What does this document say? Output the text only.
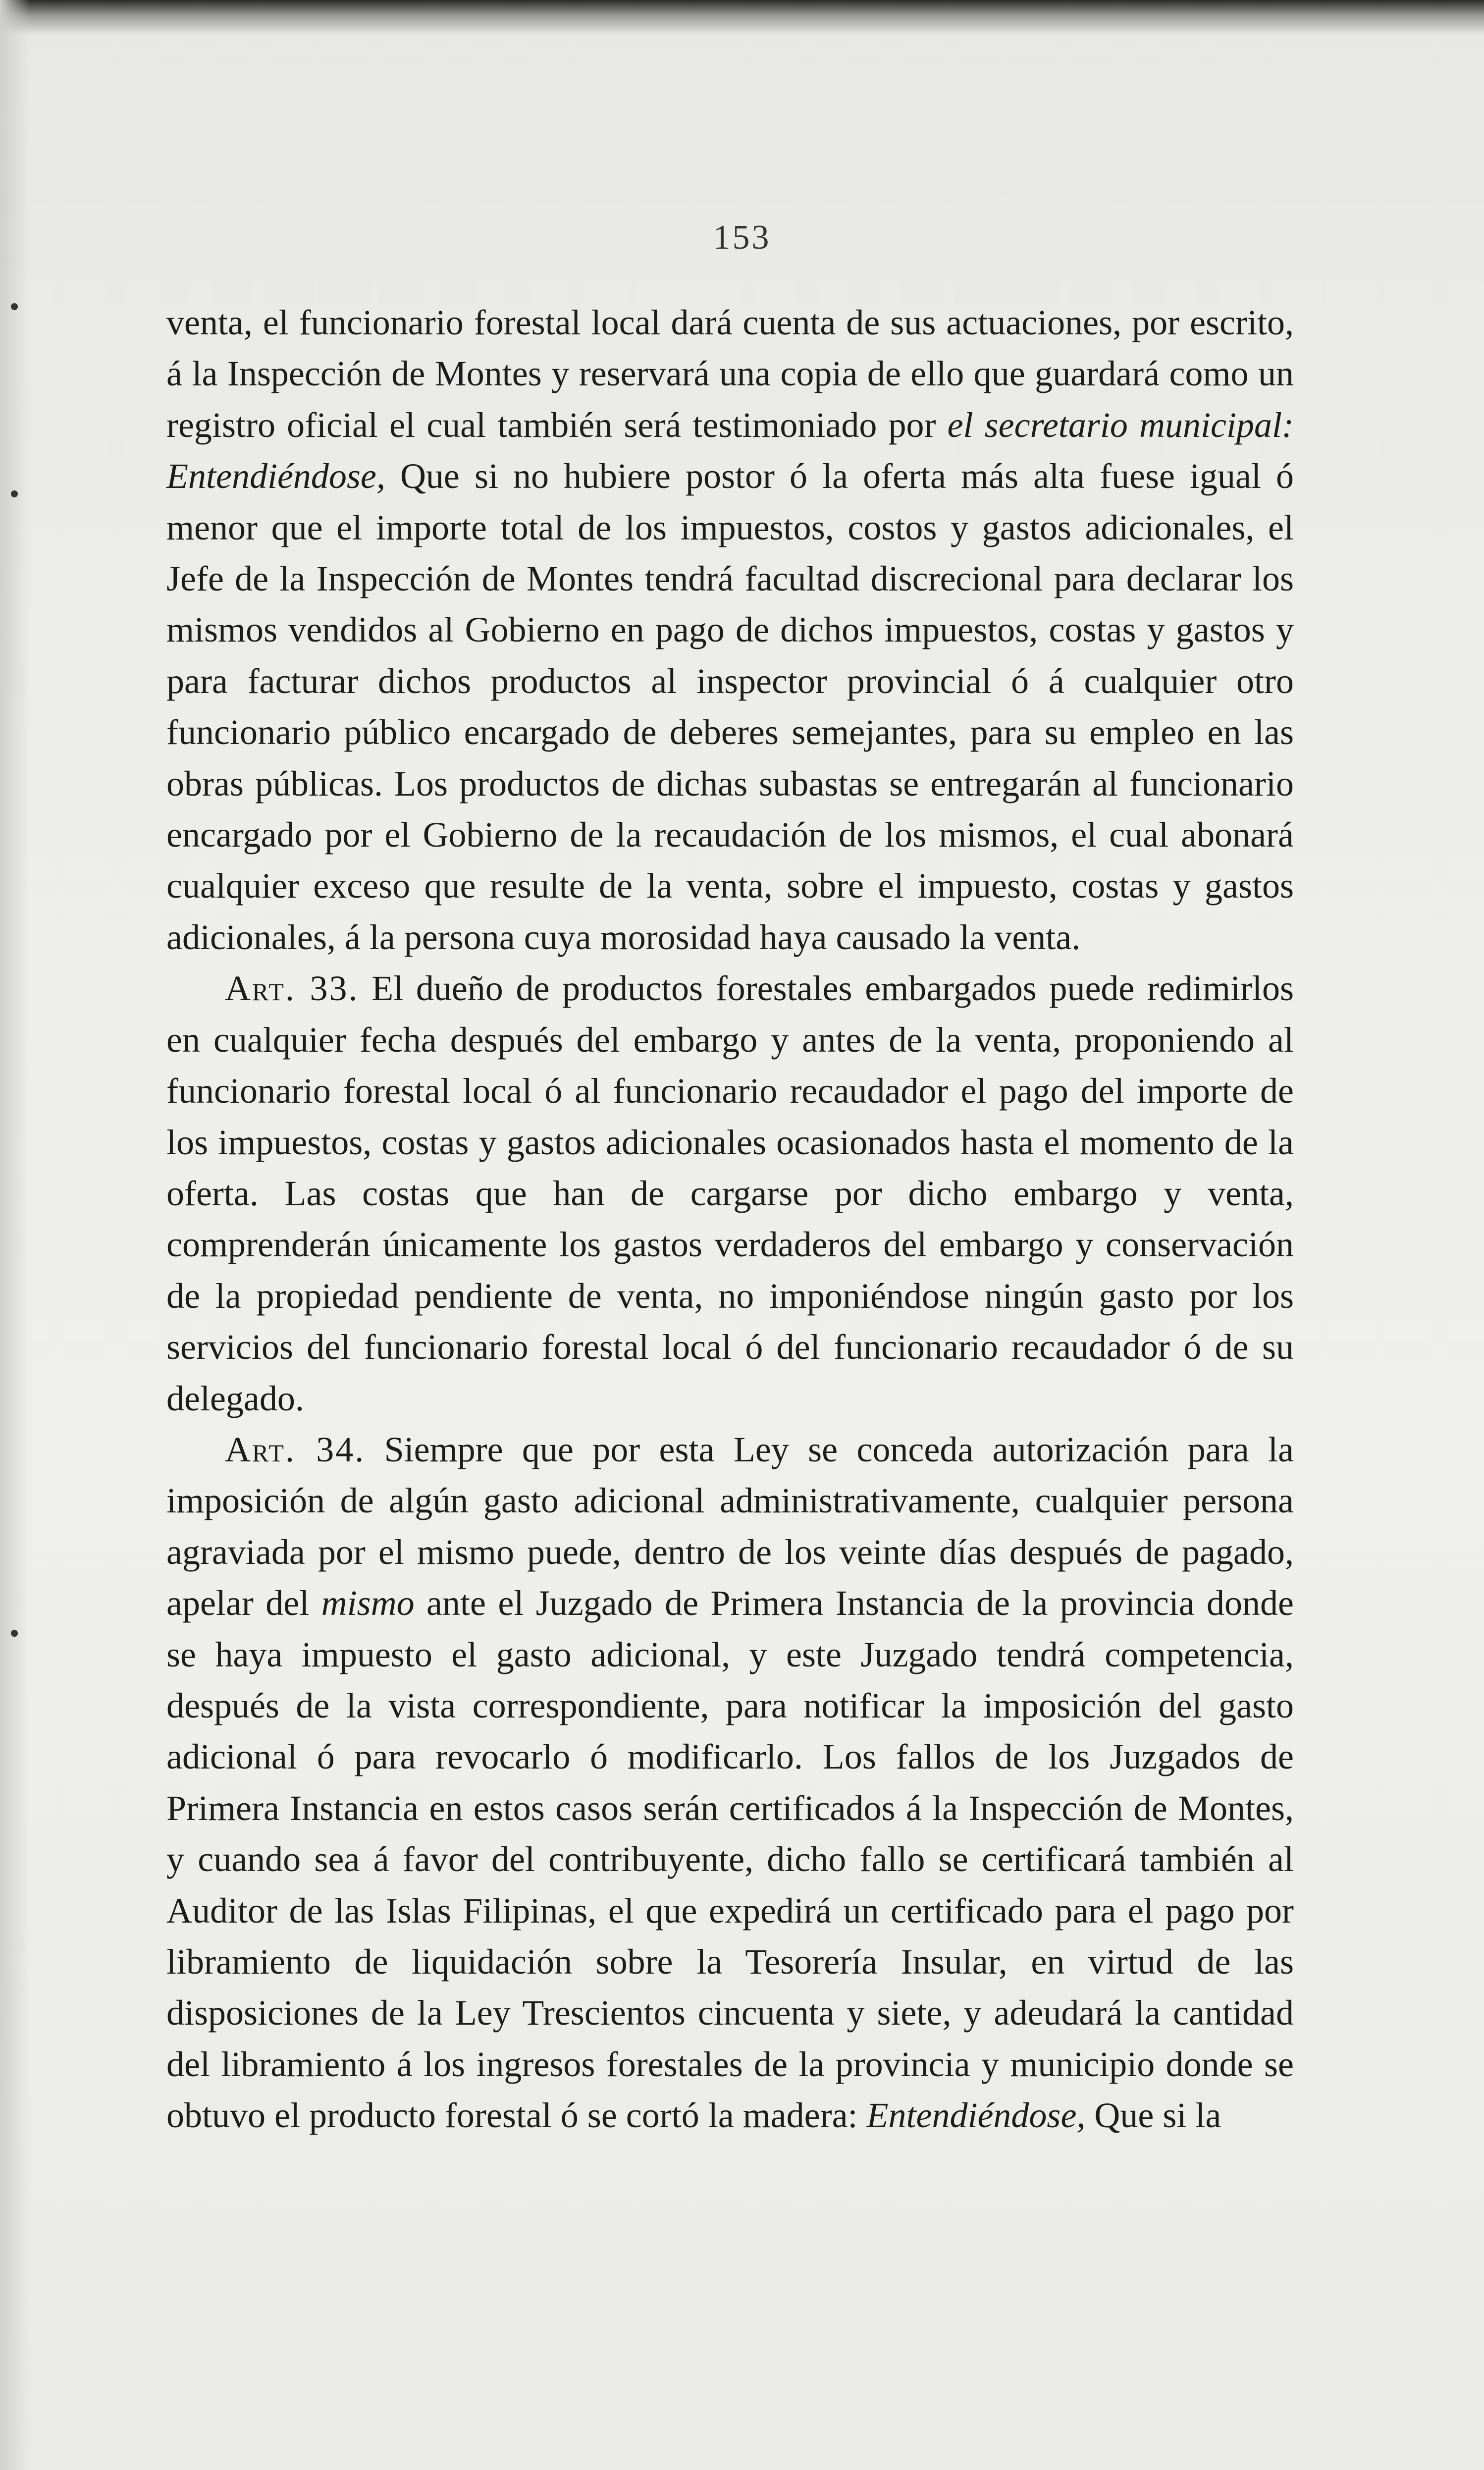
153

venta, el funcionario forestal local dará cuenta de sus actuaciones, por escrito, á la Inspección de Montes y reservará una copia de ello que guardará como un registro oficial el cual también será testimoniado por el secretario municipal: Entendiéndose, Que si no hubiere postor ó la oferta más alta fuese igual ó menor que el importe total de los impuestos, costos y gastos adicionales, el Jefe de la Inspección de Montes tendrá facultad discrecional para declarar los mismos vendidos al Gobierno en pago de dichos impuestos, costas y gastos y para facturar dichos productos al inspector provincial ó á cualquier otro funcionario público encargado de deberes semejantes, para su empleo en las obras públicas. Los productos de dichas subastas se entregarán al funcionario encargado por el Gobierno de la recaudación de los mismos, el cual abonará cualquier exceso que resulte de la venta, sobre el impuesto, costas y gastos adicionales, á la persona cuya morosidad haya causado la venta.

Art. 33. El dueño de productos forestales embargados puede redimirlos en cualquier fecha después del embargo y antes de la venta, proponiendo al funcionario forestal local ó al funcionario recaudador el pago del importe de los impuestos, costas y gastos adicionales ocasionados hasta el momento de la oferta. Las costas que han de cargarse por dicho embargo y venta, comprenderán únicamente los gastos verdaderos del embargo y conservación de la propiedad pendiente de venta, no imponiéndose ningún gasto por los servicios del funcionario forestal local ó del funcionario recaudador ó de su delegado.

Art. 34. Siempre que por esta Ley se conceda autorización para la imposición de algún gasto adicional administrativamente, cualquier persona agraviada por el mismo puede, dentro de los veinte días después de pagado, apelar del mismo ante el Juzgado de Primera Instancia de la provincia donde se haya impuesto el gasto adicional, y este Juzgado tendrá competencia, después de la vista correspondiente, para notificar la imposición del gasto adicional ó para revocarlo ó modificarlo. Los fallos de los Juzgados de Primera Instancia en estos casos serán certificados á la Inspección de Montes, y cuando sea á favor del contribuyente, dicho fallo se certificará también al Auditor de las Islas Filipinas, el que expedirá un certificado para el pago por libramiento de liquidación sobre la Tesorería Insular, en virtud de las disposiciones de la Ley Trescientos cincuenta y siete, y adeudará la cantidad del libramiento á los ingresos forestales de la provincia y municipio donde se obtuvo el producto forestal ó se cortó la madera: Entendiéndose, Que si la
